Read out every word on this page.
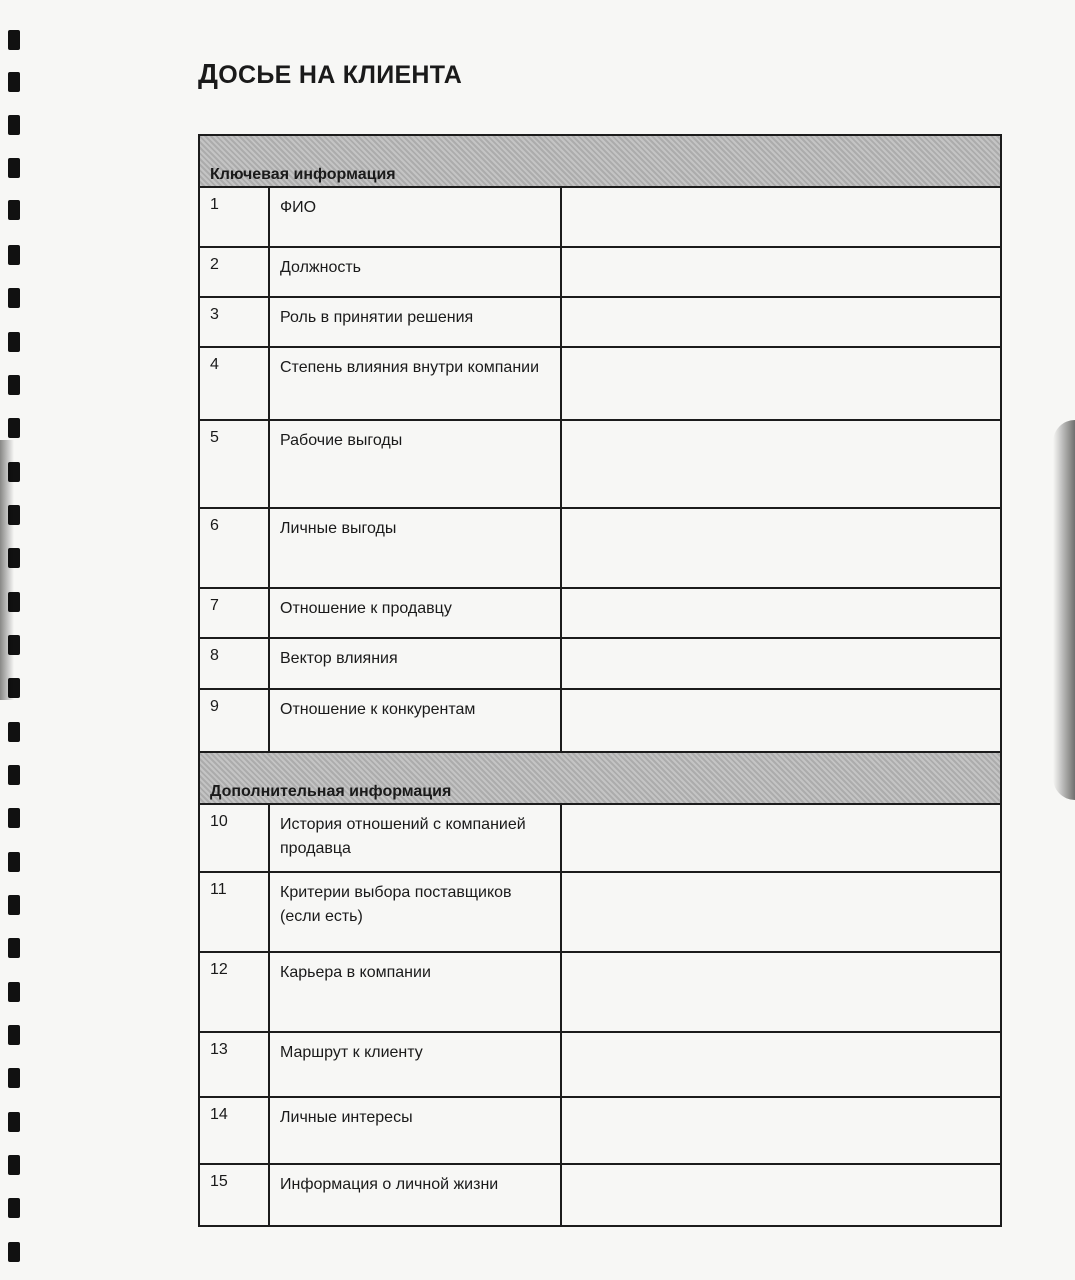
ДОСЬЕ НА КЛИЕНТА
Ключевая информация		
1	ФИО	
2	Должность	
3	Роль в принятии решения	
4	Степень влияния внутри компании	
5	Рабочие выгоды	
6	Личные выгоды	
7	Отношение к продавцу	
8	Вектор влияния	
9	Отношение к конкурентам	
Дополнительная информация		
10	История отношений с компанией продавца	
11	Критерии выбора поставщиков (если есть)	
12	Карьера в компании	
13	Маршрут к клиенту	
14	Личные интересы	
15	Информация о личной жизни	
